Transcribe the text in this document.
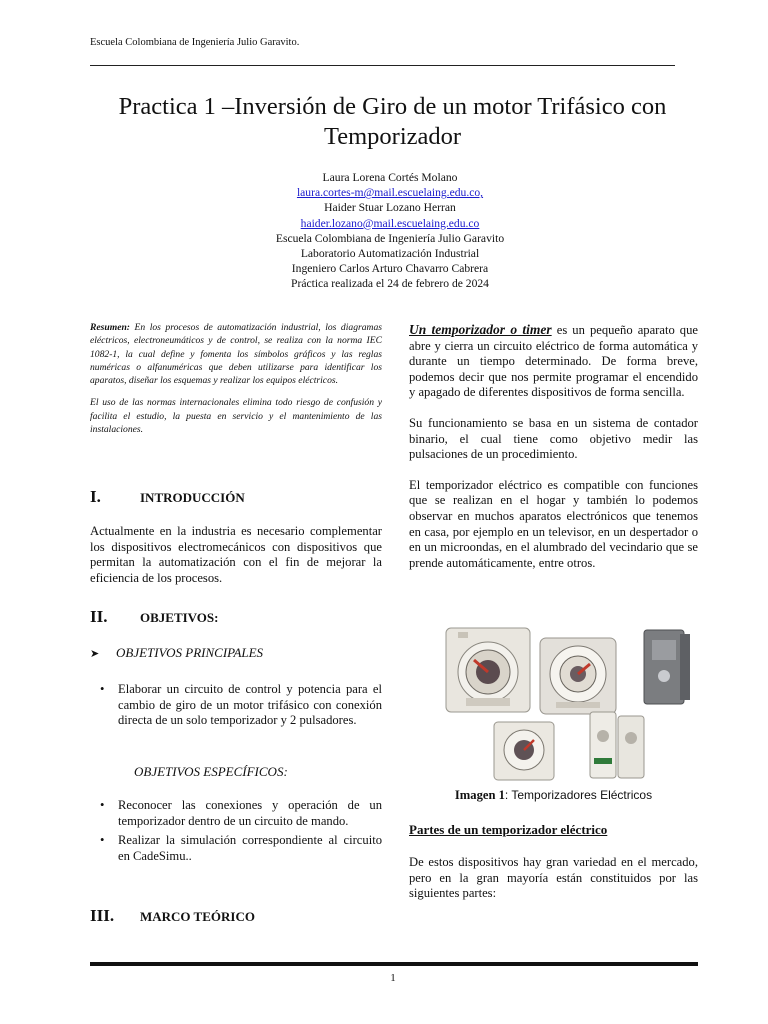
Escuela Colombiana de Ingeniería Julio Garavito.
Practica 1 –Inversión de Giro de un motor Trifásico con Temporizador
Laura Lorena Cortés Molano
laura.cortes-m@mail.escuelaing.edu.co,
Haider Stuar Lozano Herran
haider.lozano@mail.escuelaing.edu.co
Escuela Colombiana de Ingeniería Julio Garavito
Laboratorio Automatización Industrial
Ingeniero Carlos Arturo Chavarro Cabrera
Práctica realizada el 24 de febrero de 2024

Resumen: En los procesos de automatización industrial, los diagramas eléctricos, electroneumáticos y de control, se realiza con la norma IEC 1082-1, la cual define y fomenta los símbolos gráficos y las reglas numéricas o alfanuméricas que deben utilizarse para identificar los aparatos, diseñar los esquemas y realizar los equipos eléctricos.

El uso de las normas internacionales elimina todo riesgo de confusión y facilita el estudio, la puesta en servicio y el mantenimiento de las instalaciones.

I.	INTRODUCCIÓN
Actualmente en la industria es necesario complementar los dispositivos electromecánicos con dispositivos que permitan la automatización con el fin de mejorar la eficiencia de los procesos.
II.	OBJETIVOS:
➤	OBJETIVOS PRINCIPALES
• Elaborar un circuito de control y potencia para el cambio de giro de un motor trifásico con conexión directa de un solo temporizador y 2 pulsadores.
OBJETIVOS ESPECÍFICOS:
• Reconocer las conexiones y operación de un temporizador dentro de un circuito de mando.
• Realizar la simulación correspondiente al circuito en CadeSimu..
III.	MARCO TEÓRICO

Un temporizador o timer es un pequeño aparato que abre y cierra un circuito eléctrico de forma automática y durante un tiempo determinado. De forma breve, podemos decir que nos permite programar el encendido y apagado de diferentes dispositivos de forma sencilla.

Su funcionamiento se basa en un sistema de contador binario, el cual tiene como objetivo medir las pulsaciones de un procedimiento.

El temporizador eléctrico es compatible con funciones que se realizan en el hogar y también lo podemos observar en muchos aparatos electrónicos que tenemos en casa, por ejemplo en un televisor, en un despertador o en un microondas, en el alumbrado del vecindario que se prende automáticamente, entre otros.

Imagen 1: Temporizadores Eléctricos
Partes de un temporizador eléctrico
De estos dispositivos hay gran variedad en el mercado, pero en la gran mayoría están constituidos por las siguientes partes:
1
